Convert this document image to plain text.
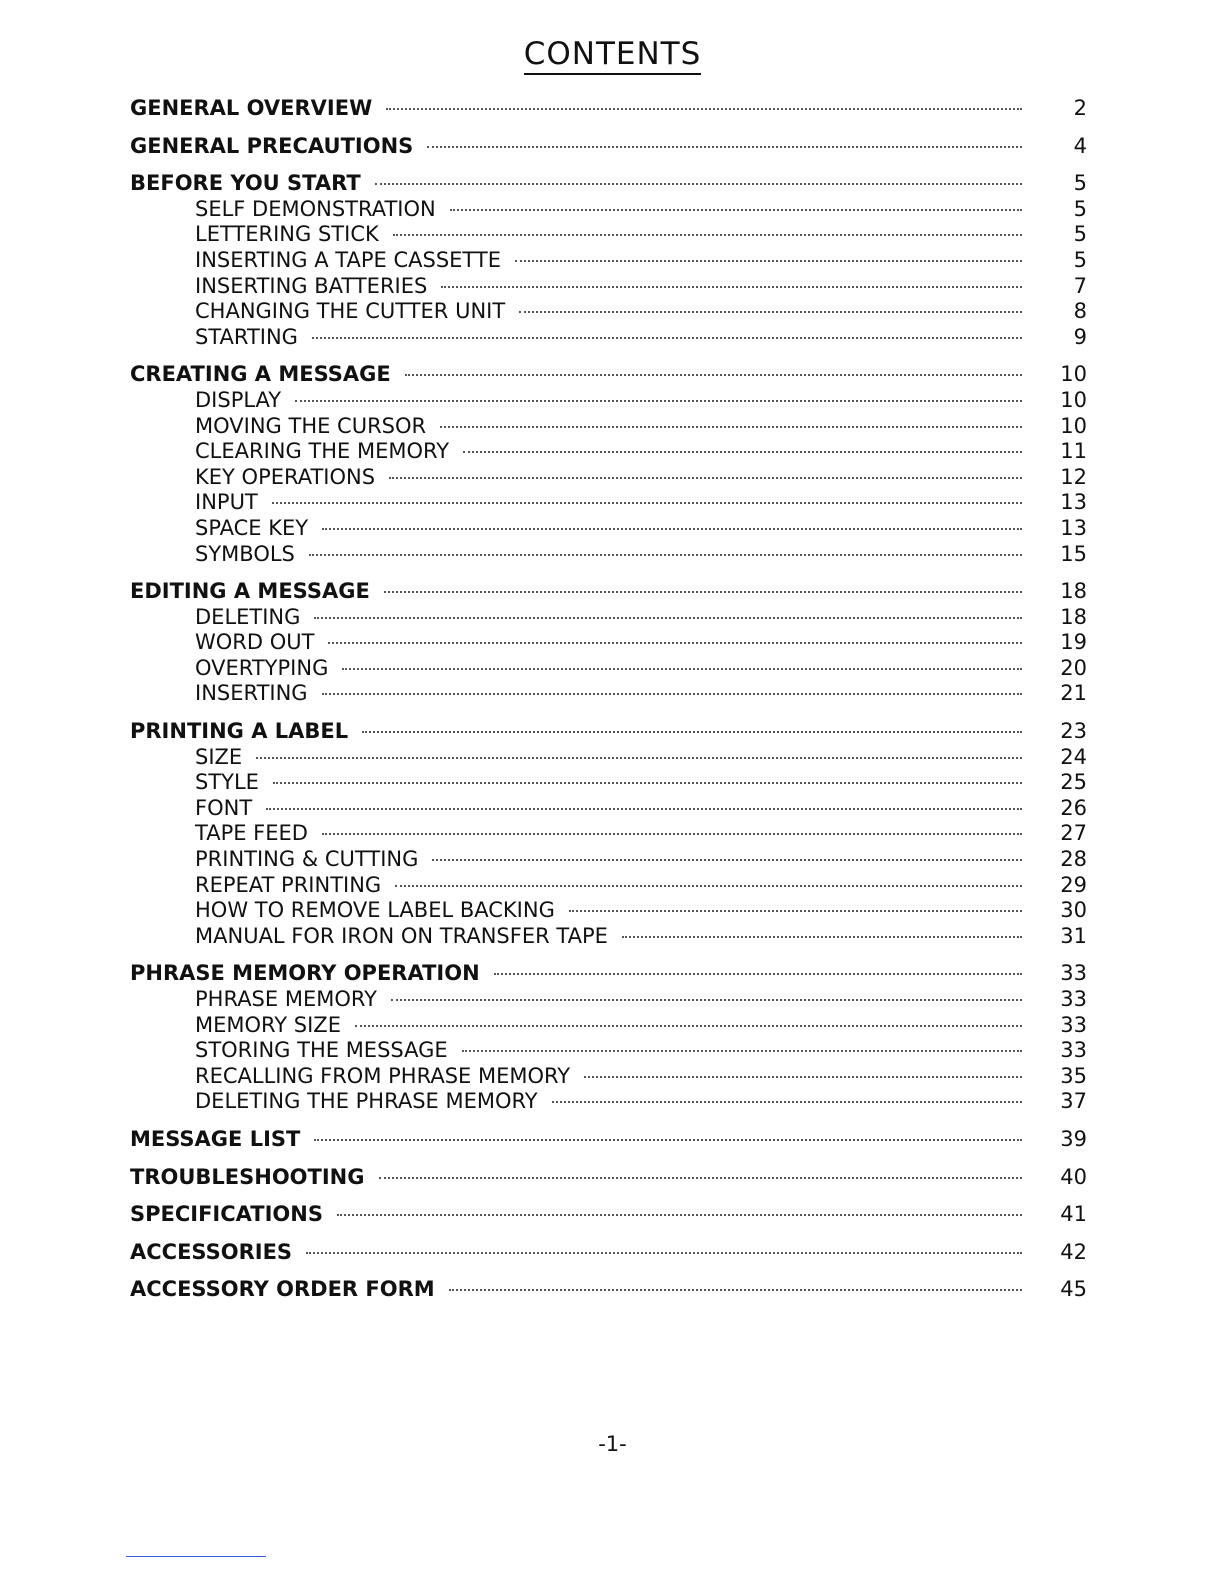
CONTENTS
GENERAL OVERVIEW	2
GENERAL PRECAUTIONS	4
BEFORE YOU START	5
SELF DEMONSTRATION	5
LETTERING STICK	5
INSERTING A TAPE CASSETTE	5
INSERTING BATTERIES	7
CHANGING THE CUTTER UNIT	8
STARTING	9
CREATING A MESSAGE	10
DISPLAY	10
MOVING THE CURSOR	10
CLEARING THE MEMORY	11
KEY OPERATIONS	12
INPUT	13
SPACE KEY	13
SYMBOLS	15
EDITING A MESSAGE	18
DELETING	18
WORD OUT	19
OVERTYPING	20
INSERTING	21
PRINTING A LABEL	23
SIZE	24
STYLE	25
FONT	26
TAPE FEED	27
PRINTING & CUTTING	28
REPEAT PRINTING	29
HOW TO REMOVE LABEL BACKING	30
MANUAL FOR IRON ON TRANSFER TAPE	31
PHRASE MEMORY OPERATION	33
PHRASE MEMORY	33
MEMORY SIZE	33
STORING THE MESSAGE	33
RECALLING FROM PHRASE MEMORY	35
DELETING THE PHRASE MEMORY	37
MESSAGE LIST	39
TROUBLESHOOTING	40
SPECIFICATIONS	41
ACCESSORIES	42
ACCESSORY ORDER FORM	45
-1-
